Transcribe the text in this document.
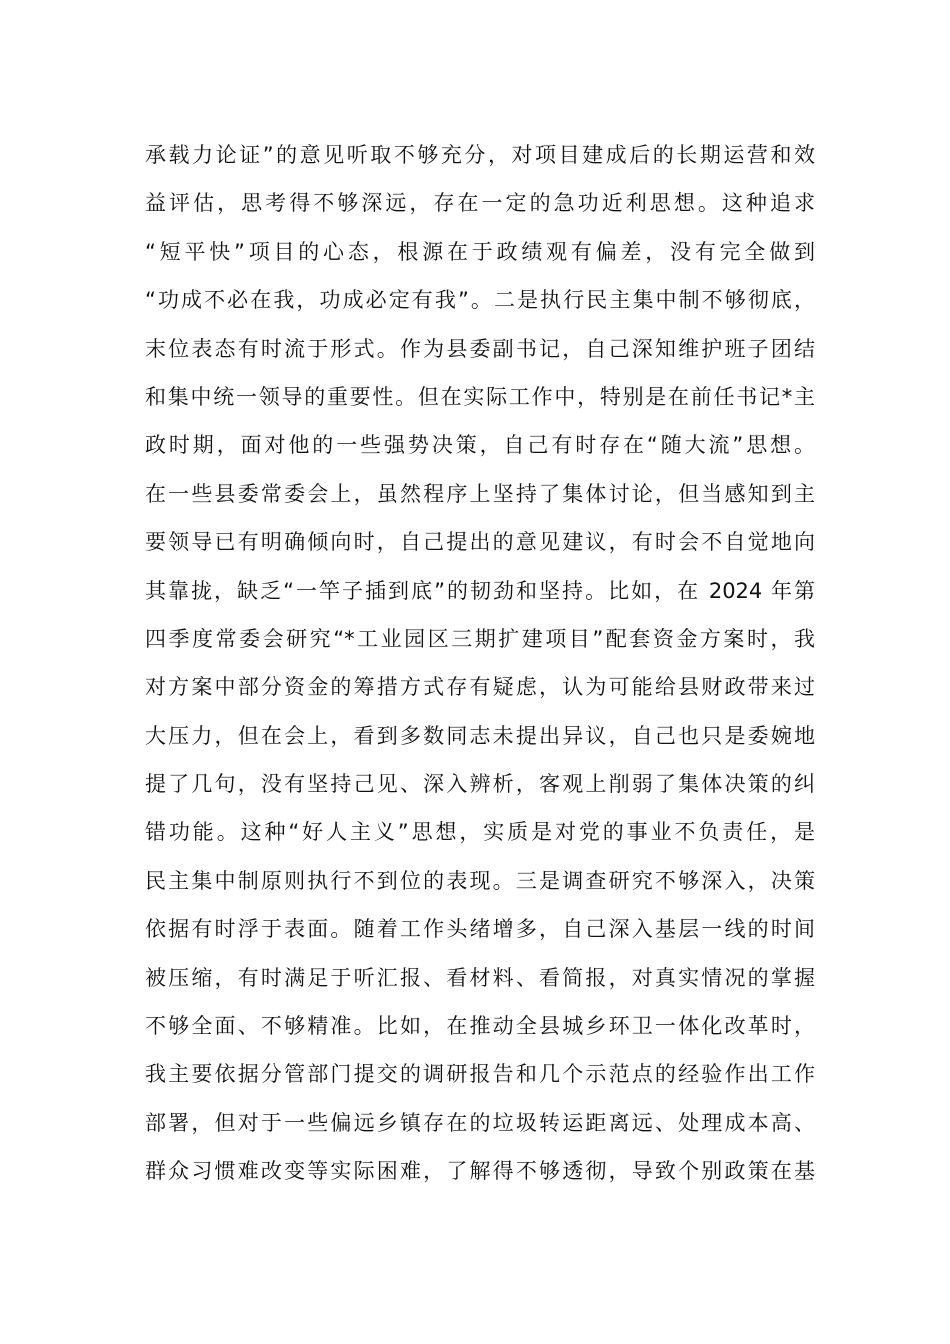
承载力论证”的意见听取不够充分，对项目建成后的长期运营和效
益评估，思考得不够深远，存在一定的急功近利思想。这种追求
“短平快”项目的心态，根源在于政绩观有偏差，没有完全做到
“功成不必在我，功成必定有我”。二是执行民主集中制不够彻底，
末位表态有时流于形式。作为县委副书记，自己深知维护班子团结
和集中统一领导的重要性。但在实际工作中，特别是在前任书记*主
政时期，面对他的一些强势决策，自己有时存在“随大流”思想。
在一些县委常委会上，虽然程序上坚持了集体讨论，但当感知到主
要领导已有明确倾向时，自己提出的意见建议，有时会不自觉地向
其靠拢，缺乏“一竿子插到底”的韧劲和坚持。比如，在 2024 年第
四季度常委会研究“*工业园区三期扩建项目”配套资金方案时，我
对方案中部分资金的筹措方式存有疑虑，认为可能给县财政带来过
大压力，但在会上，看到多数同志未提出异议，自己也只是委婉地
提了几句，没有坚持己见、深入辨析，客观上削弱了集体决策的纠
错功能。这种“好人主义”思想，实质是对党的事业不负责任，是
民主集中制原则执行不到位的表现。三是调查研究不够深入，决策
依据有时浮于表面。随着工作头绪增多，自己深入基层一线的时间
被压缩，有时满足于听汇报、看材料、看简报，对真实情况的掌握
不够全面、不够精准。比如，在推动全县城乡环卫一体化改革时，
我主要依据分管部门提交的调研报告和几个示范点的经验作出工作
部署，但对于一些偏远乡镇存在的垃圾转运距离远、处理成本高、
群众习惯难改变等实际困难，了解得不够透彻，导致个别政策在基
